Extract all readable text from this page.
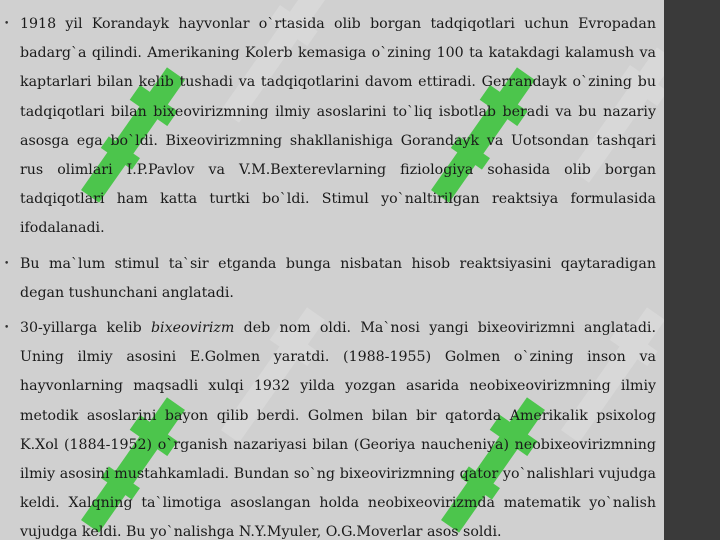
• 1918 yil Korandayk hayvonlar o`rtasida olib borgan tadqiqotlari uchun Evropadan badarg`a qilindi. Amerikaning Kolerb kemasiga o`zining 100 ta katakdagi kalamush va kaptarlari bilan kelib tushadi va tadqiqotlarini davom ettiradi. Gerrandayk o`zining bu tadqiqotlari bilan bixeovirizmning ilmiy asoslarini to`liq isbotlab beradi va bu nazariy asosga ega bo`ldi. Bixeovirizmning shakllanishiga Gorandayk va Uotsondan tashqari rus olimlari I.P.Pavlov va V.M.Bexterevlarning fiziologiya sohasida olib borgan tadqiqotlari ham katta turtki bo`ldi. Stimul yo`naltirilgan reaktsiya formulasida ifodalanadi.

• Bu ma`lum stimul ta`sir etganda bunga nisbatan hisob reaktsiyasini qaytaradigan degan tushunchani anglatadi.

• 30-yillarga kelib bixeovirizm deb nom oldi. Ma`nosi yangi bixeovirizmni anglatadi. Uning ilmiy asosini E.Golmen yaratdi. (1988-1955) Golmen o`zining inson va hayvonlarning maqsadli xulqi 1932 yilda yozgan asarida neobixeovirizmning ilmiy metodik asoslarini bayon qilib berdi. Golmen bilan bir qatorda Amerikalik psixolog K.Xol (1884-1952) o`rganish nazariyasi bilan (Georiya naucheniya) neobixeovirizmning ilmiy asosini mustahkamladi. Bundan so`ng bixeovirizmning qator yo`nalishlari vujudga keldi. Xalqning ta`limotiga asoslangan holda neobixeovirizmda matematik yo`nalish vujudga keldi. Bu yo`nalishga N.Y.Myuler, O.G.Moverlar asos soldi.
